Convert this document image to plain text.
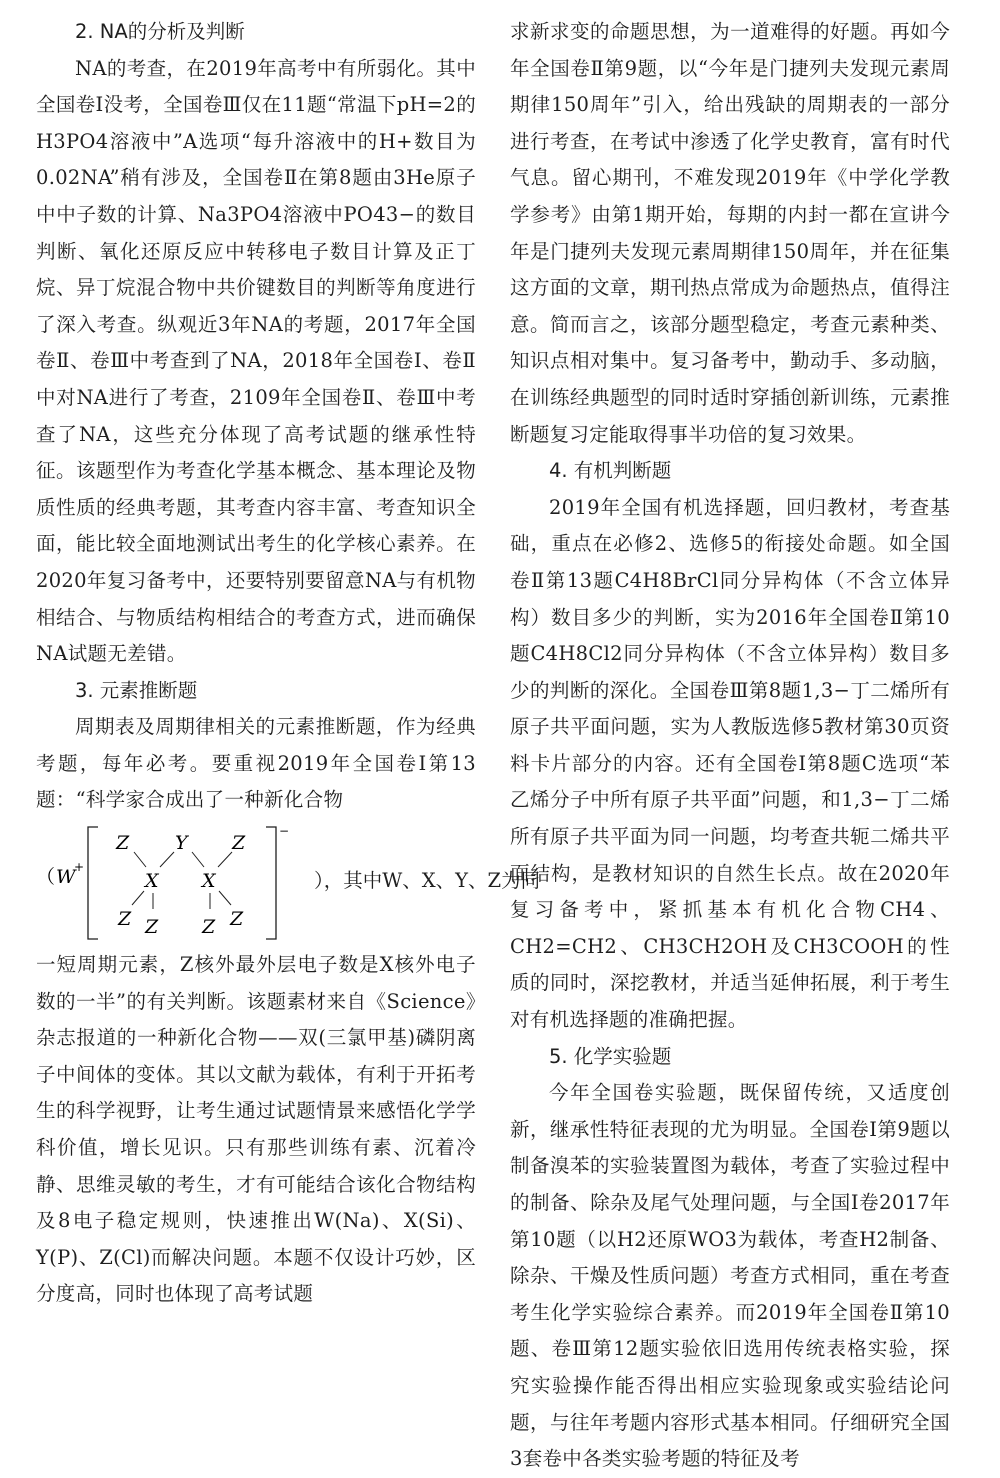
2. NA的分析及判断

NA的考查，在2019年高考中有所弱化。其中全国卷Ⅰ没考，全国卷Ⅲ仅在11题“常温下pH=2的H3PO4溶液中”A选项“每升溶液中的H+数目为0.02NA”稍有涉及，全国卷Ⅱ在第8题由3He原子中中子数的计算、Na3PO4溶液中PO43−的数目判断、氧化还原反应中转移电子数目计算及正丁烷、异丁烷混合物中共价键数目的判断等角度进行了深入考查。纵观近3年NA的考题，2017年全国卷Ⅱ、卷Ⅲ中考查到了NA，2018年全国卷Ⅰ、卷Ⅱ中对NA进行了考查，2109年全国卷Ⅱ、卷Ⅲ中考查了NA，这些充分体现了高考试题的继承性特征。该题型作为考查化学基本概念、基本理论及物质性质的经典考题，其考查内容丰富、考查知识全面，能比较全面地测试出考生的化学核心素养。在2020年复习备考中，还要特别要留意NA与有机物相结合、与物质结构相结合的考查方式，进而确保NA试题无差错。

3. 元素推断题

周期表及周期律相关的元素推断题，作为经典考题，每年必考。要重视2019年全国卷Ⅰ第13题：“科学家合成出了一种新化合物

（ W
+
−
Z Y Z
X X
Z Z Z Z
），其中W、X、Y、Z为同

一短周期元素，Z核外最外层电子数是X核外电子数的一半”的有关判断。该题素材来自《Science》杂志报道的一种新化合物——双(三氯甲基)磷阴离子中间体的变体。其以文献为载体，有利于开拓考生的科学视野，让考生通过试题情景来感悟化学学科价值，增长见识。只有那些训练有素、沉着冷静、思维灵敏的考生，才有可能结合该化合物结构及8电子稳定规则，快速推出W(Na)、X(Si)、Y(P)、Z(Cl)而解决问题。本题不仅设计巧妙，区分度高，同时也体现了高考试题

求新求变的命题思想，为一道难得的好题。再如今年全国卷Ⅱ第9题，以“今年是门捷列夫发现元素周期律150周年”引入，给出残缺的周期表的一部分进行考查，在考试中渗透了化学史教育，富有时代气息。留心期刊，不难发现2019年《中学化学教学参考》由第1期开始，每期的内封一都在宣讲今年是门捷列夫发现元素周期律150周年，并在征集这方面的文章，期刊热点常成为命题热点，值得注意。简而言之，该部分题型稳定，考查元素种类、知识点相对集中。复习备考中，勤动手、多动脑，在训练经典题型的同时适时穿插创新训练，元素推断题复习定能取得事半功倍的复习效果。

4. 有机判断题

2019年全国有机选择题，回归教材，考查基础，重点在必修2、选修5的衔接处命题。如全国卷Ⅱ第13题C4H8BrCl同分异构体（不含立体异构）数目多少的判断，实为2016年全国卷Ⅱ第10题C4H8Cl2同分异构体（不含立体异构）数目多少的判断的深化。全国卷Ⅲ第8题1,3−丁二烯所有原子共平面问题，实为人教版选修5教材第30页资料卡片部分的内容。还有全国卷Ⅰ第8题C选项“苯乙烯分子中所有原子共平面”问题，和1,3−丁二烯所有原子共平面为同一问题，均考查共轭二烯共平面结构，是教材知识的自然生长点。故在2020年复习备考中，紧抓基本有机化合物CH4、CH2=CH2、CH3CH2OH及CH3COOH的性质的同时，深挖教材，并适当延伸拓展，利于考生对有机选择题的准确把握。

5. 化学实验题

今年全国卷实验题，既保留传统，又适度创新，继承性特征表现的尤为明显。全国卷Ⅰ第9题以制备溴苯的实验装置图为载体，考查了实验过程中的制备、除杂及尾气处理问题，与全国Ⅰ卷2017年第10题（以H2还原WO3为载体，考查H2制备、除杂、干燥及性质问题）考查方式相同，重在考查考生化学实验综合素养。而2019年全国卷Ⅱ第10题、卷Ⅲ第12题实验依旧选用传统表格实验，探究实验操作能否得出相应实验现象或实验结论问题，与往年考题内容形式基本相同。仔细研究全国3套卷中各类实验考题的特征及考
